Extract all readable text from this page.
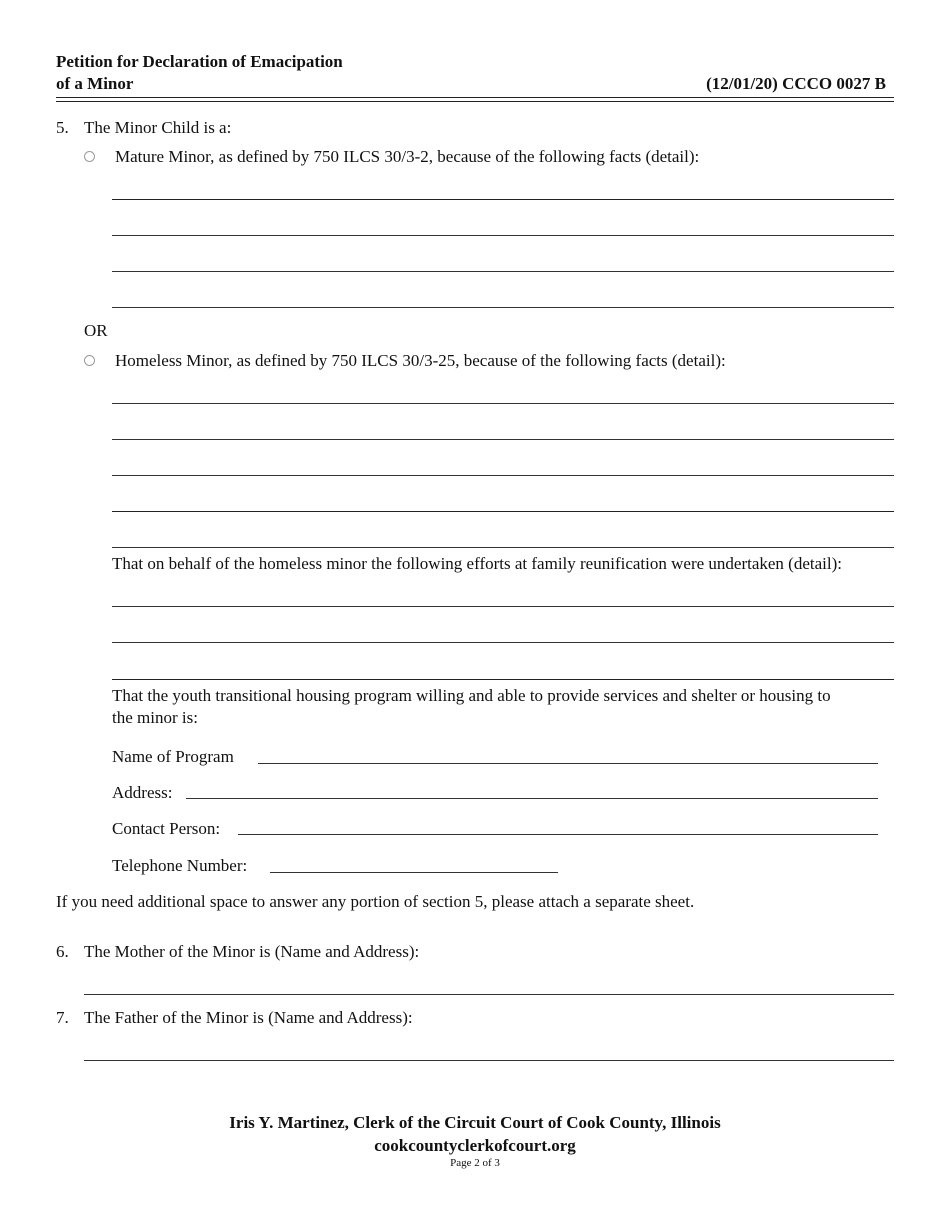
Petition for Declaration of Emacipation
of a Minor	(12/01/20) CCCO 0027 B
5. The Minor Child is a:
Mature Minor, as defined by 750 ILCS 30/3-2, because of the following facts (detail):
OR
Homeless Minor, as defined by 750 ILCS 30/3-25, because of the following facts (detail):
That on behalf of the homeless minor the following efforts at family reunification were undertaken (detail):
That the youth transitional housing program willing and able to provide services and shelter or housing to
the minor is:
Name of Program
Address:
Contact Person:
Telephone Number:
If you need additional space to answer any portion of section 5, please attach a separate sheet.
6. The Mother of the Minor is (Name and Address):
7. The Father of the Minor is (Name and Address):
Iris Y. Martinez, Clerk of the Circuit Court of Cook County, Illinois
cookcountyclerkofcourt.org
Page 2 of 3
